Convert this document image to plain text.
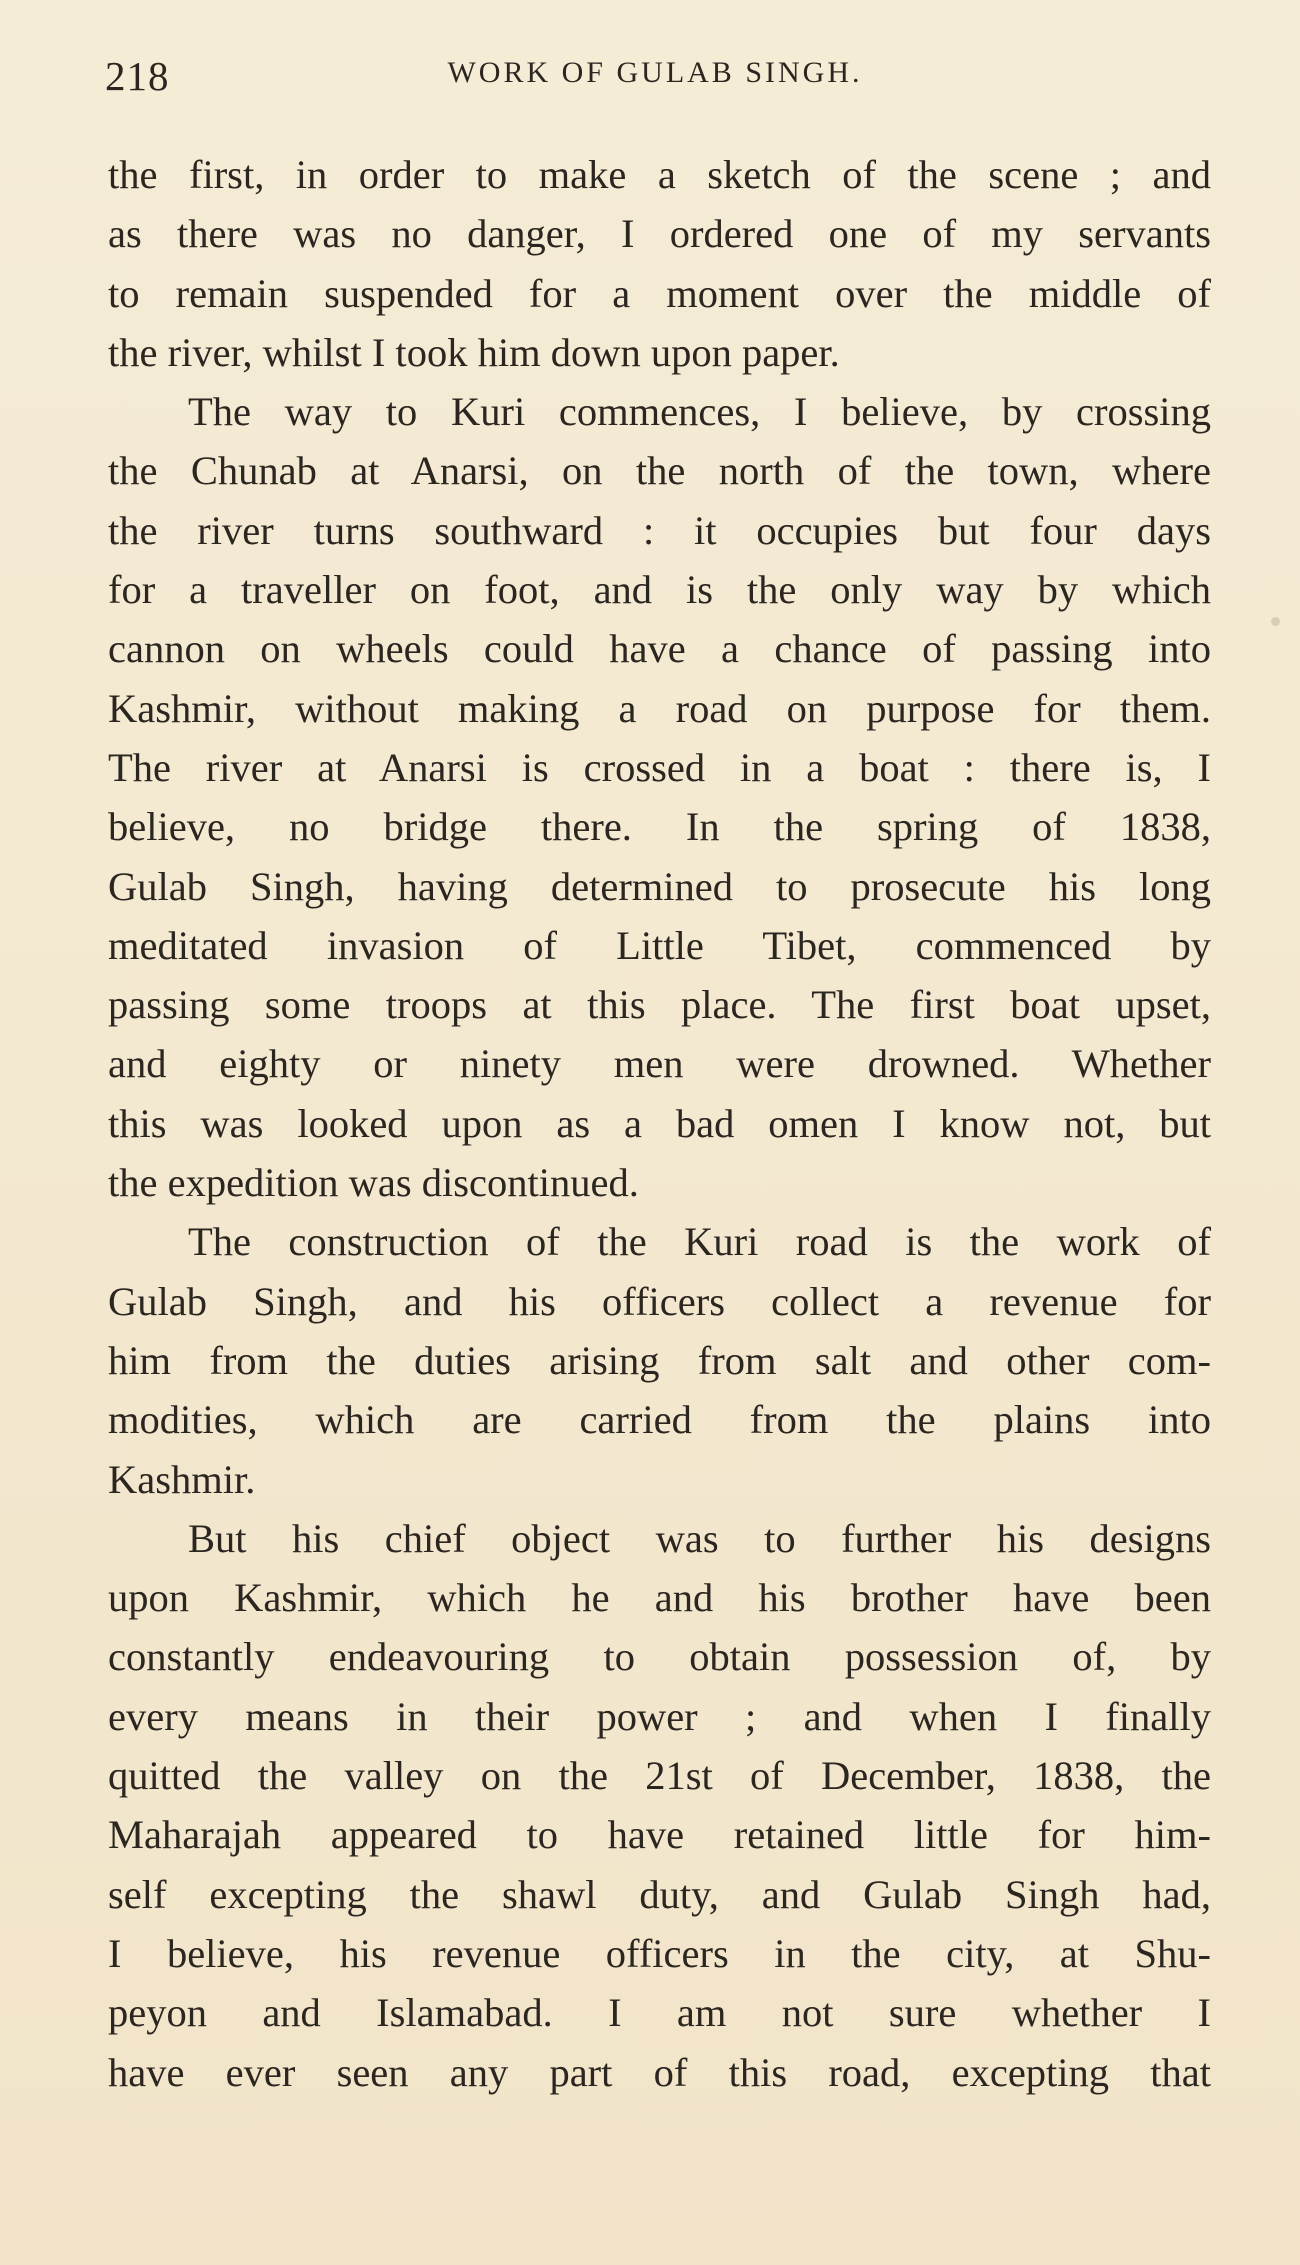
218	WORK OF GULAB SINGH.
the first, in order to make a sketch of the scene ; and
as there was no danger, I ordered one of my servants
to remain suspended for a moment over the middle of
the river, whilst I took him down upon paper.
The way to Kuri commences, I believe, by crossing
the Chunab at Anarsi, on the north of the town, where
the river turns southward : it occupies but four days
for a traveller on foot, and is the only way by which
cannon on wheels could have a chance of passing into
Kashmir, without making a road on purpose for them.
The river at Anarsi is crossed in a boat : there is, I
believe, no bridge there. In the spring of 1838,
Gulab Singh, having determined to prosecute his long
meditated invasion of Little Tibet, commenced by
passing some troops at this place. The first boat upset,
and eighty or ninety men were drowned. Whether
this was looked upon as a bad omen I know not, but
the expedition was discontinued.
The construction of the Kuri road is the work of
Gulab Singh, and his officers collect a revenue for
him from the duties arising from salt and other com-
modities, which are carried from the plains into
Kashmir.
But his chief object was to further his designs
upon Kashmir, which he and his brother have been
constantly endeavouring to obtain possession of, by
every means in their power ; and when I finally
quitted the valley on the 21st of December, 1838, the
Maharajah appeared to have retained little for him-
self excepting the shawl duty, and Gulab Singh had,
I believe, his revenue officers in the city, at Shu-
peyon and Islamabad. I am not sure whether I
have ever seen any part of this road, excepting that
